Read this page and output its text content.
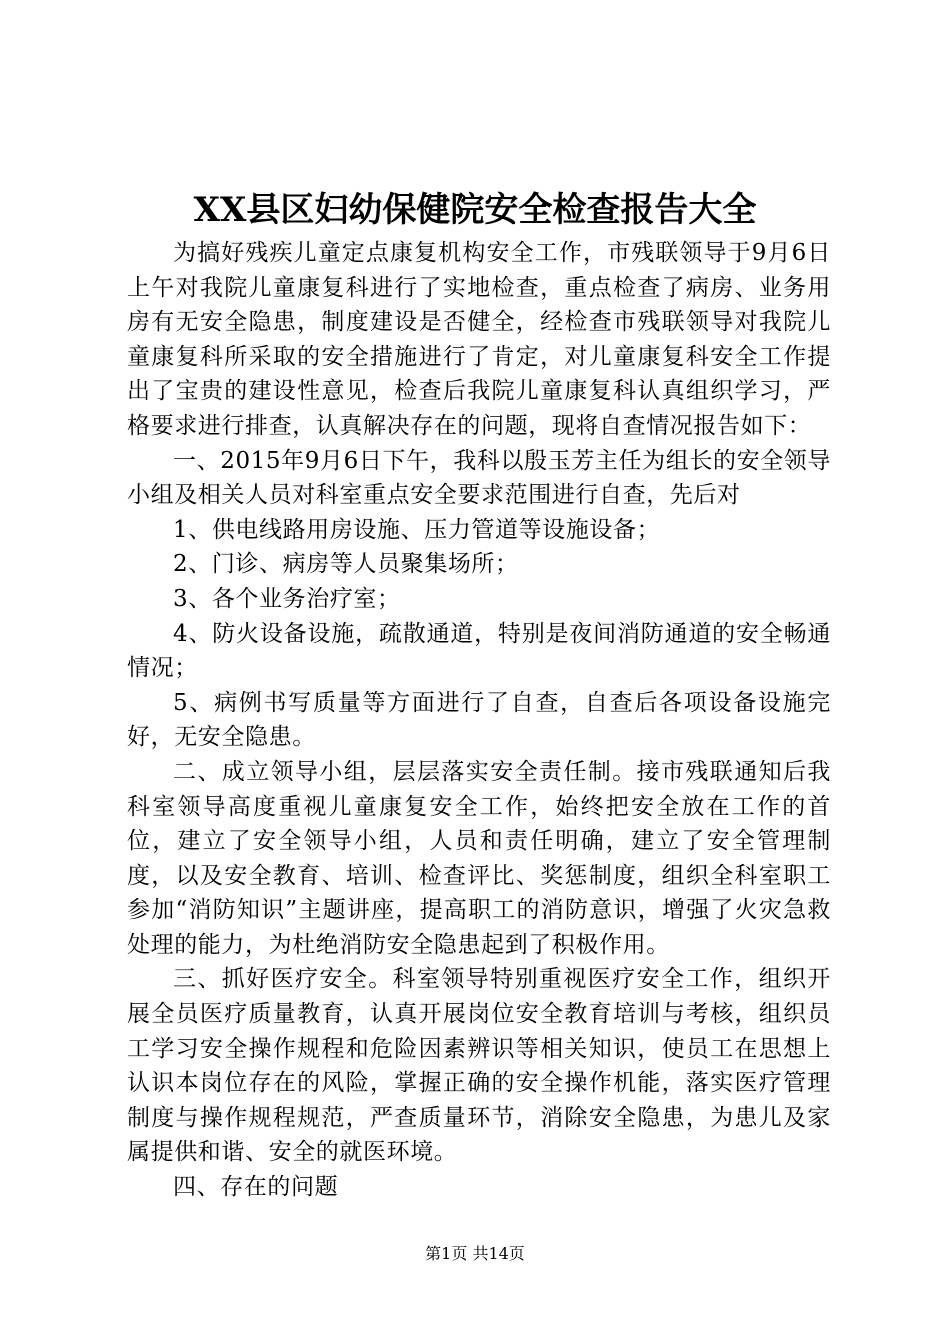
XX县区妇幼保健院安全检查报告大全

为搞好残疾儿童定点康复机构安全工作，市残联领导于9月6日上午对我院儿童康复科进行了实地检查，重点检查了病房、业务用房有无安全隐患，制度建设是否健全，经检查市残联领导对我院儿童康复科所采取的安全措施进行了肯定，对儿童康复科安全工作提出了宝贵的建设性意见，检查后我院儿童康复科认真组织学习，严格要求进行排查，认真解决存在的问题，现将自查情况报告如下：

一、2015年9月6日下午，我科以殷玉芳主任为组长的安全领导小组及相关人员对科室重点安全要求范围进行自查，先后对

1、供电线路用房设施、压力管道等设施设备；

2、门诊、病房等人员聚集场所；

3、各个业务治疗室；

4、防火设备设施，疏散通道，特别是夜间消防通道的安全畅通情况；

5、病例书写质量等方面进行了自查，自查后各项设备设施完好，无安全隐患。

二、成立领导小组，层层落实安全责任制。接市残联通知后我科室领导高度重视儿童康复安全工作，始终把安全放在工作的首位，建立了安全领导小组，人员和责任明确，建立了安全管理制度，以及安全教育、培训、检查评比、奖惩制度，组织全科室职工参加“消防知识”主题讲座，提高职工的消防意识，增强了火灾急救处理的能力，为杜绝消防安全隐患起到了积极作用。

三、抓好医疗安全。科室领导特别重视医疗安全工作，组织开展全员医疗质量教育，认真开展岗位安全教育培训与考核，组织员工学习安全操作规程和危险因素辨识等相关知识，使员工在思想上认识本岗位存在的风险，掌握正确的安全操作机能，落实医疗管理制度与操作规程规范，严查质量环节，消除安全隐患，为患儿及家属提供和谐、安全的就医环境。

四、存在的问题

第1页 共14页
